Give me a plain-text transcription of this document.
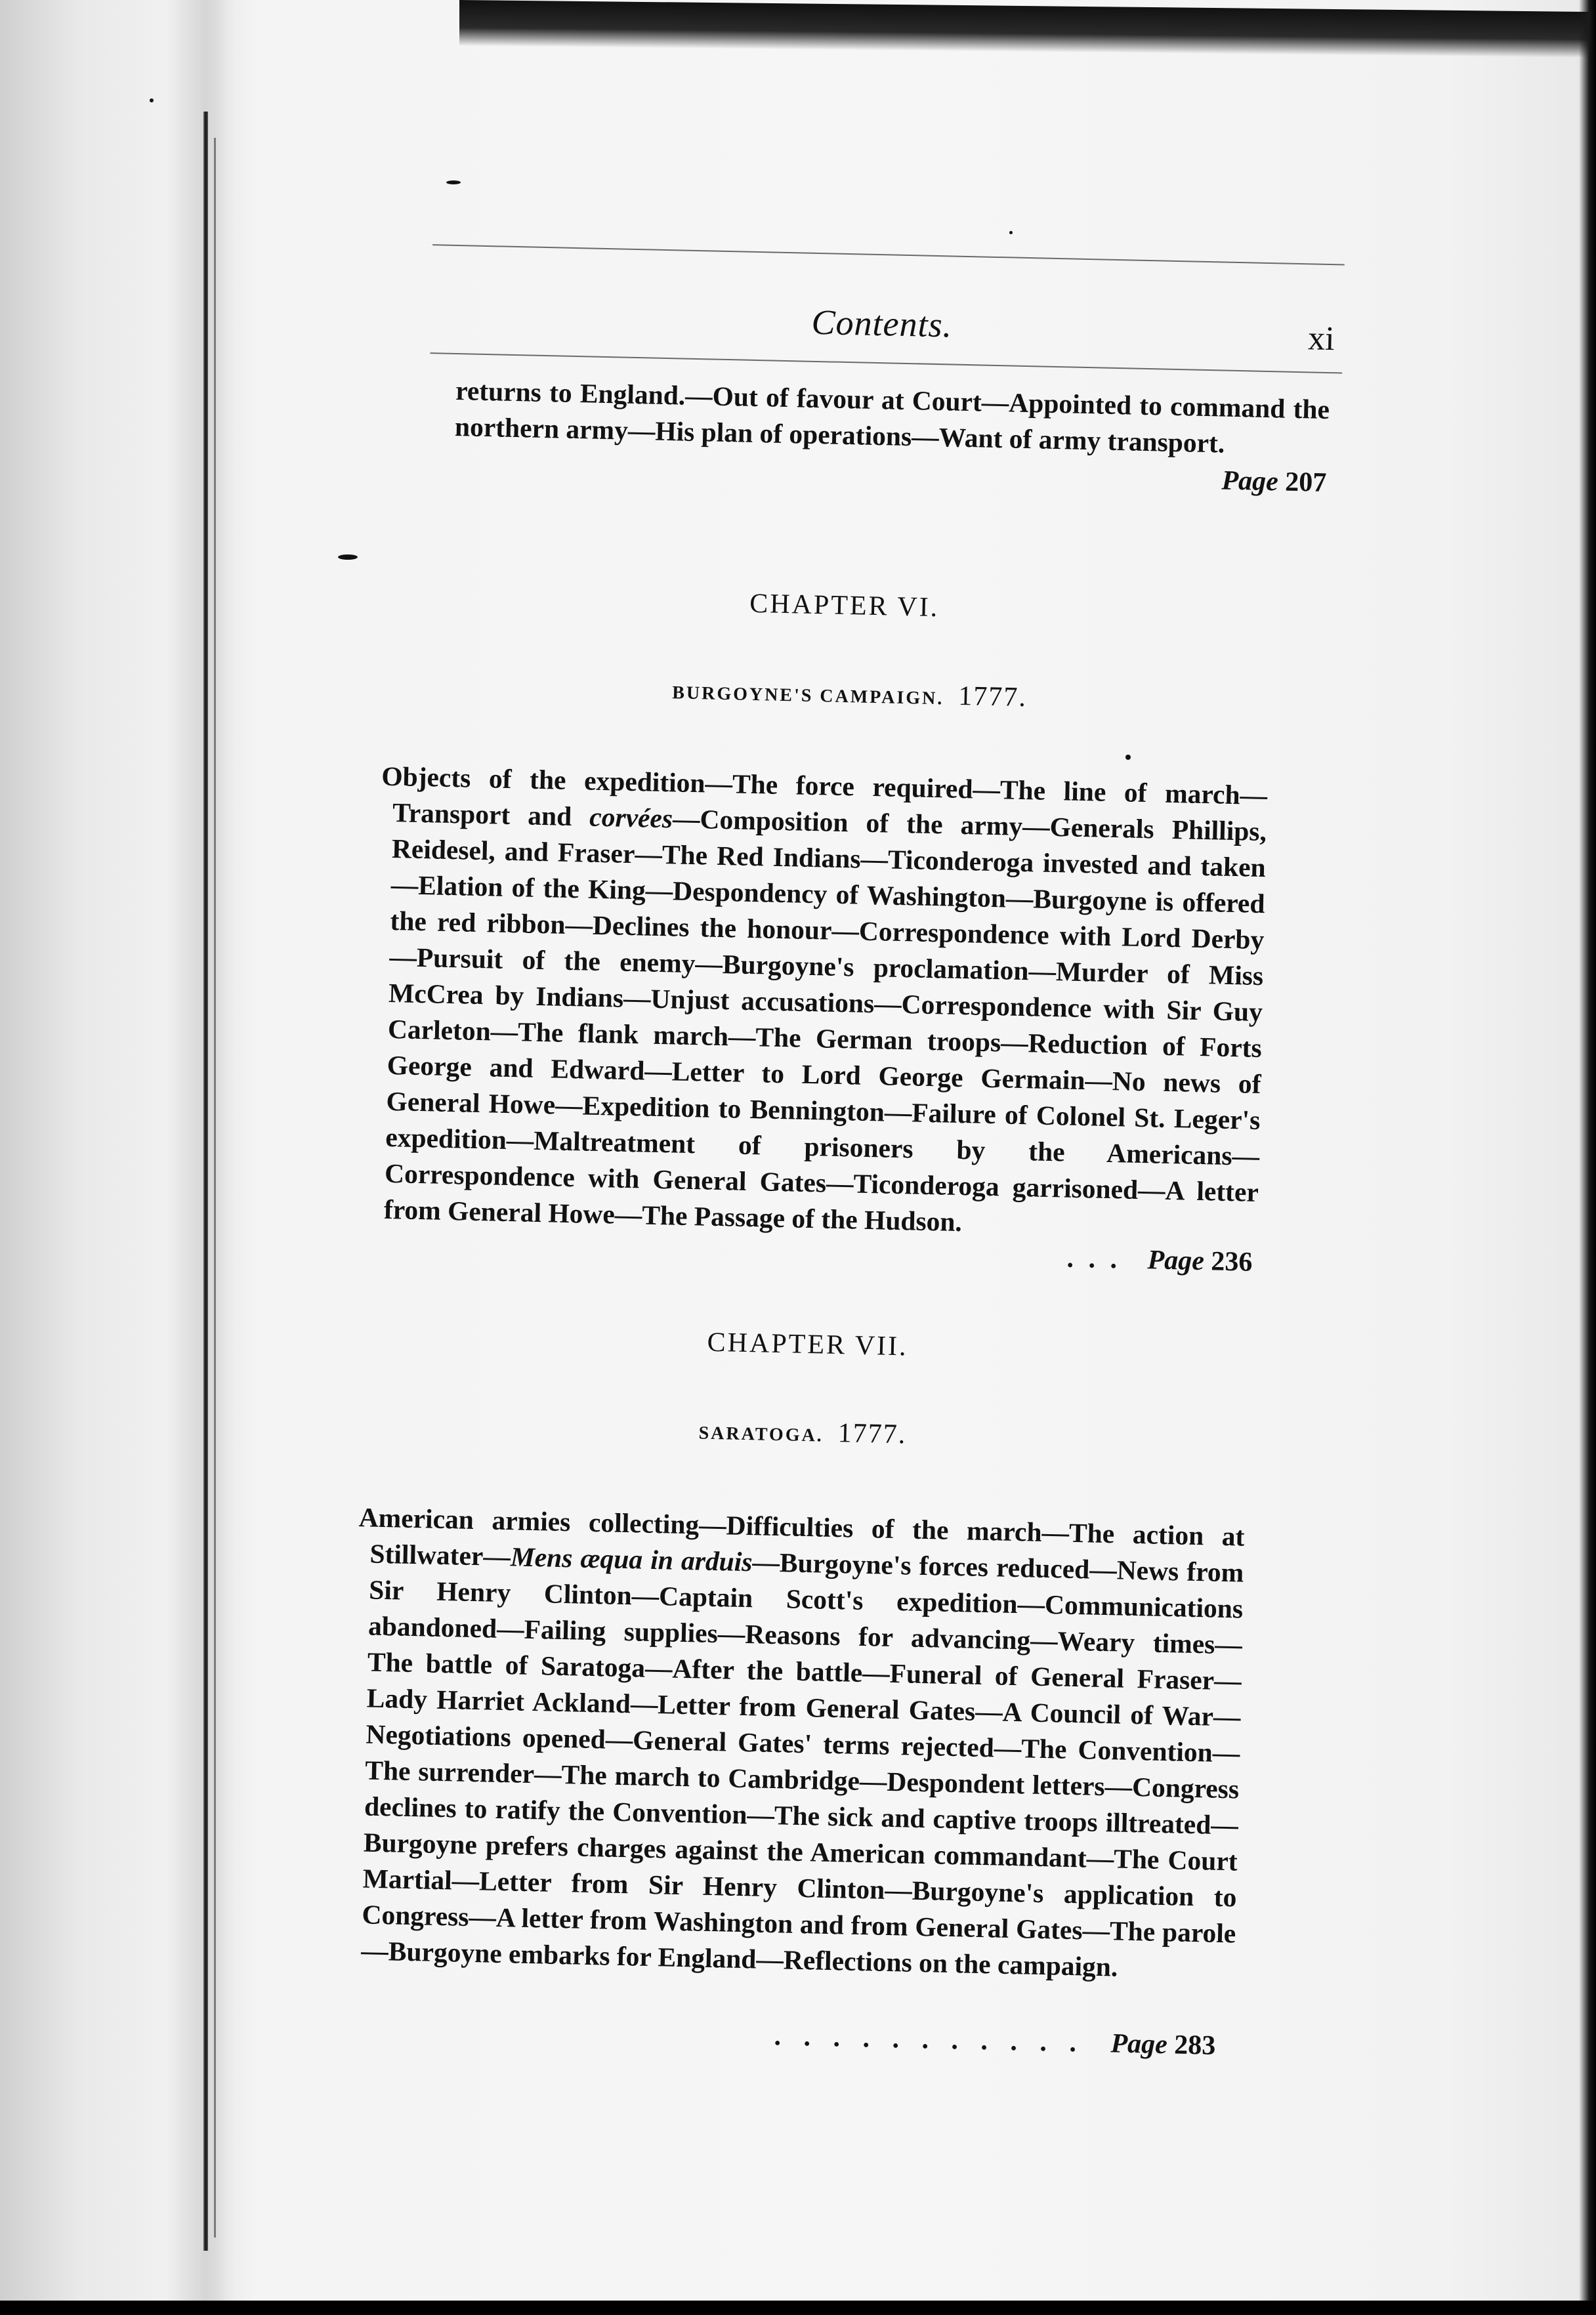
Contents.	xi
returns to England.—Out of favour at Court—Appointed to command the northern army—His plan of operations—Want of army transport.
Page 207
CHAPTER VI.
BURGOYNE'S CAMPAIGN. 1777.
Objects of the expedition—The force required—The line of march—Transport and corvées—Composition of the army—Generals Phillips, Reidesel, and Fraser—The Red Indians—Ticonderoga invested and taken—Elation of the King—Despondency of Washington—Burgoyne is offered the red ribbon—Declines the honour—Correspondence with Lord Derby—Pursuit of the enemy—Burgoyne's proclamation—Murder of Miss McCrea by Indians—Unjust accusations—Correspondence with Sir Guy Carleton—The flank march—The German troops—Reduction of Forts George and Edward—Letter to Lord George Germain—No news of General Howe—Expedition to Bennington—Failure of Colonel St. Leger's expedition—Maltreatment of prisoners by the Americans—Correspondence with General Gates—Ticonderoga garrisoned—A letter from General Howe—The Passage of the Hudson.
. . . Page 236
CHAPTER VII.
SARATOGA. 1777.
American armies collecting—Difficulties of the march—The action at Stillwater—Mens æqua in arduis—Burgoyne's forces reduced—News from Sir Henry Clinton—Captain Scott's expedition—Communications abandoned—Failing supplies—Reasons for advancing—Weary times—The battle of Saratoga—After the battle—Funeral of General Fraser—Lady Harriet Ackland—Letter from General Gates—A Council of War—Negotiations opened—General Gates' terms rejected—The Convention—The surrender—The march to Cambridge—Despondent letters—Congress declines to ratify the Convention—The sick and captive troops illtreated—Burgoyne prefers charges against the American commandant—The Court Martial—Letter from Sir Henry Clinton—Burgoyne's application to Congress—A letter from Washington and from General Gates—The parole—Burgoyne embarks for England—Reflections on the campaign.
. . . . . . . . . . . Page 283
